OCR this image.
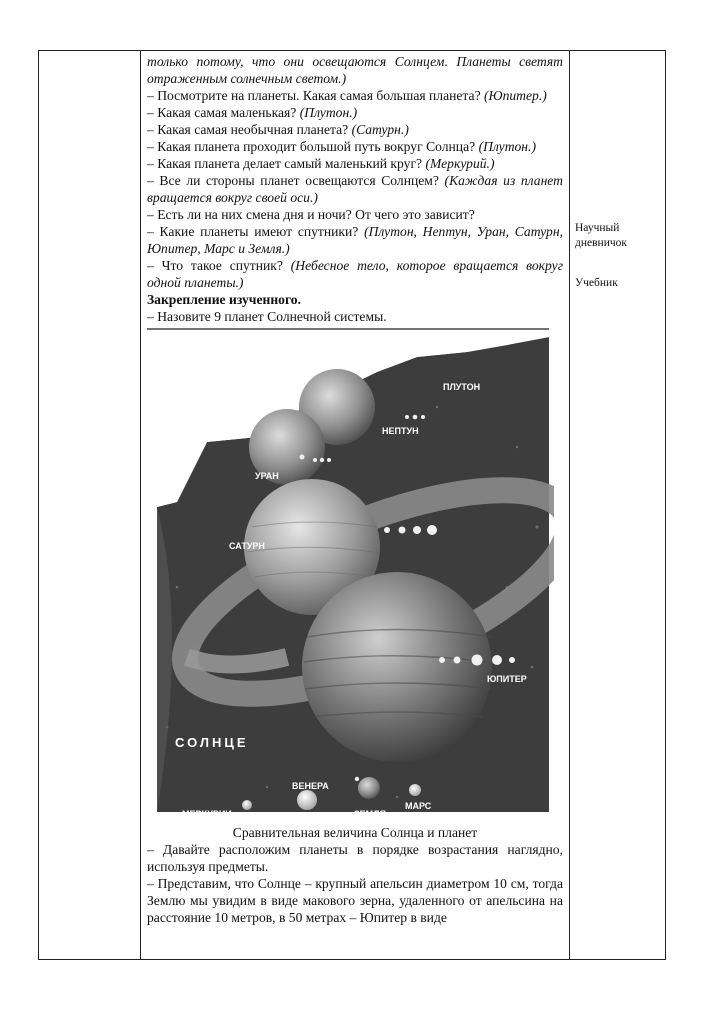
только потому, что они освещаются Солнцем. Планеты светят отраженным солнечным светом.)

– Посмотрите на планеты. Какая самая большая планета? (Юпитер.)

– Какая самая маленькая? (Плутон.)

– Какая самая необычная планета? (Сатурн.)

– Какая планета проходит большой путь вокруг Солнца? (Плутон.)

– Какая планета делает самый маленький круг? (Меркурий.)

– Все ли стороны планет освещаются Солнцем? (Каждая из планет вращается вокруг своей оси.)

– Есть ли на них смена дня и ночи? От чего это зависит?

– Какие планеты имеют спутники? (Плутон, Нептун, Уран, Сатурн, Юпитер, Марс и Земля.)

– Что такое спутник? (Небесное тело, которое вращается вокруг одной планеты.)

Закрепление изученного.

– Назовите 9 планет Солнечной системы.

ПЛУТОН
НЕПТУН
УРАН
САТУРН
ЮПИТЕР
ВЕНЕРА
МЕРКУРИИ	ЗЕМЛЯ
МАРС
СОЛНЦЕ

Сравнительная величина Солнца и планет

– Давайте расположим планеты в порядке возрастания наглядно, используя предметы.

– Представим, что Солнце – крупный апельсин диаметром 10 см, тогда Землю мы увидим в виде макового зерна, удаленного от апельсина на расстояние 10 метров, в 50 метрах – Юпитер в виде

Научный дневничок
Учебник
